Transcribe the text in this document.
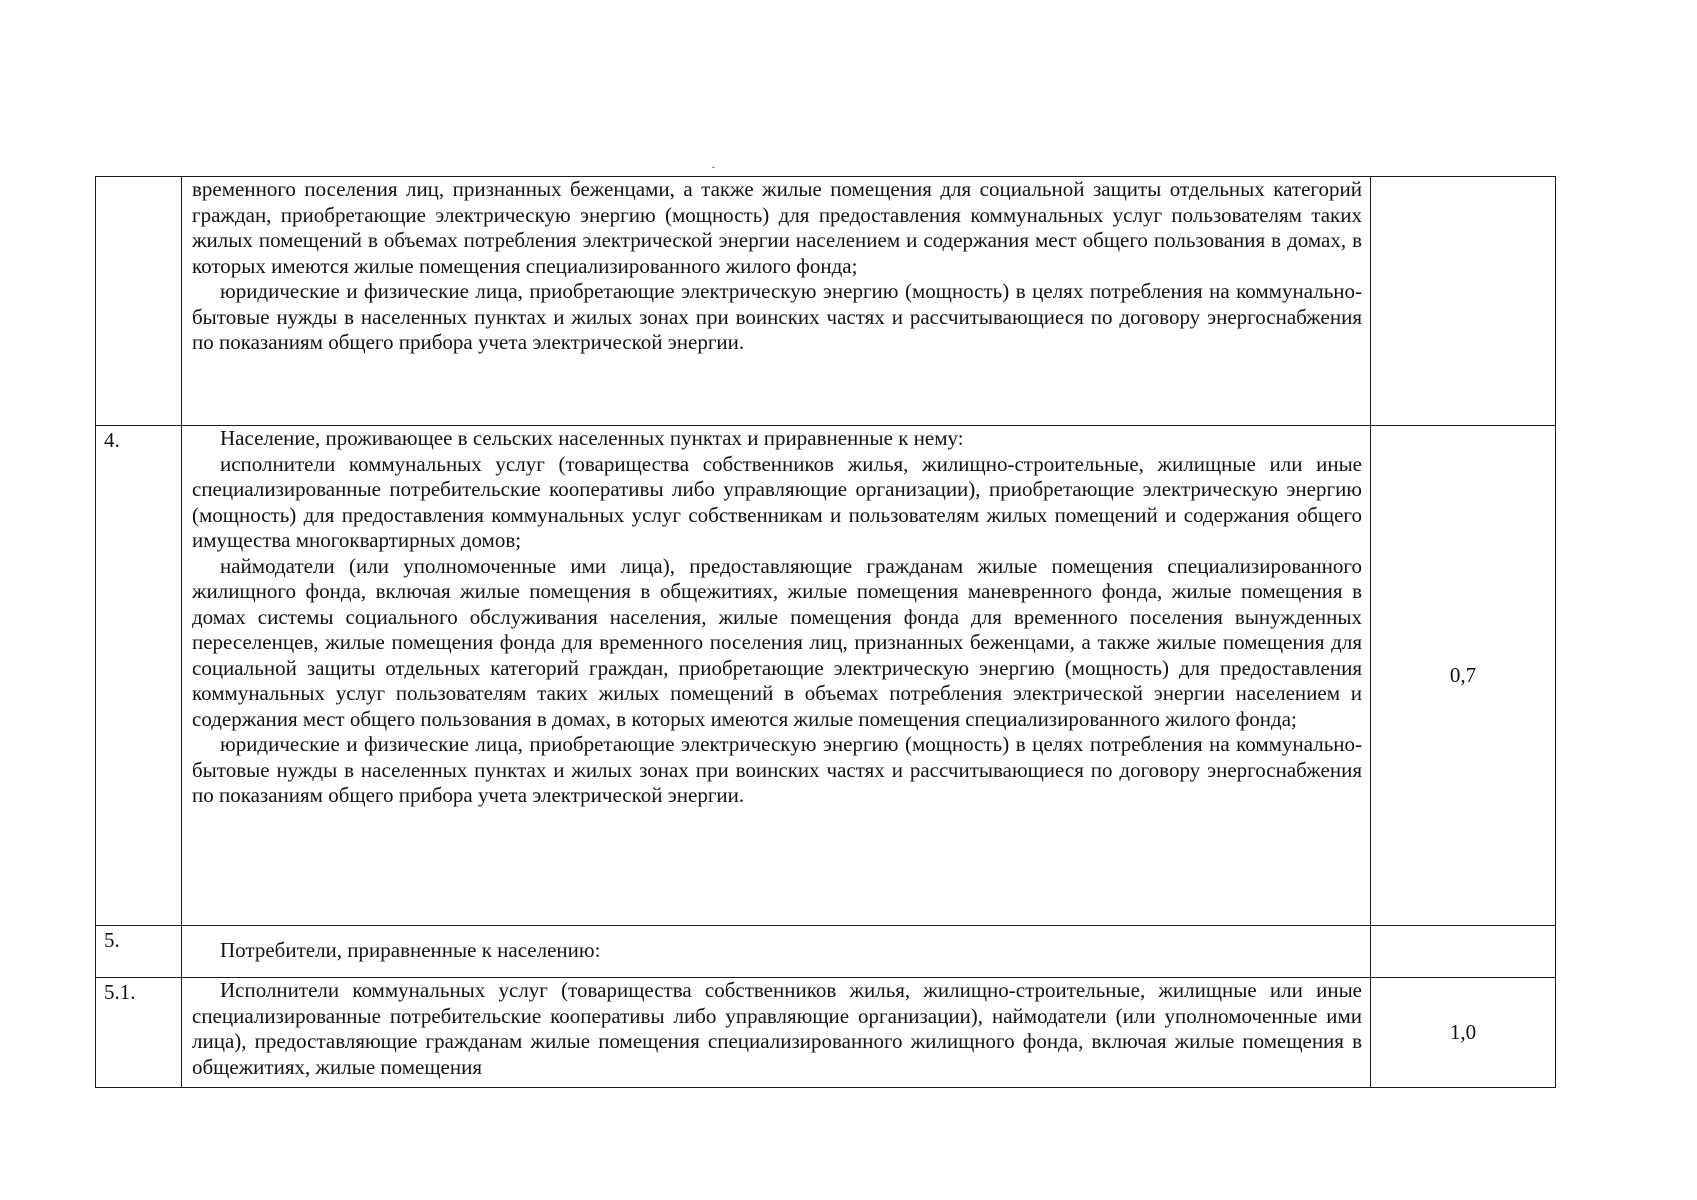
	временного поселения лиц, признанных беженцами, а также жилые помещения для социальной защиты отдельных категорий граждан, приобретающие электрическую энергию (мощность) для предоставления коммунальных услуг пользователям таких жилых помещений в объемах потребления электрической энергии населением и содержания мест общего пользования в домах, в которых имеются жилые помещения специализированного жилого фонда;

юридические и физические лица, приобретающие электрическую энергию (мощность) в целях потребления на коммунально-бытовые нужды в населенных пунктах и жилых зонах при воинских частях и рассчитывающиеся по договору энергоснабжения по показаниям общего прибора учета электрической энергии.	

4.	Население, проживающее в сельских населенных пунктах и приравненные к нему:

исполнители коммунальных услуг (товарищества собственников жилья, жилищно-строительные, жилищные или иные специализированные потребительские кооперативы либо управляющие организации), приобретающие электрическую энергию (мощность) для предоставления коммунальных услуг собственникам и пользователям жилых помещений и содержания общего имущества многоквартирных домов;

наймодатели (или уполномоченные ими лица), предоставляющие гражданам жилые помещения специализированного жилищного фонда, включая жилые помещения в общежитиях, жилые помещения маневренного фонда, жилые помещения в домах системы социального обслуживания населения, жилые помещения фонда для временного поселения вынужденных переселенцев, жилые помещения фонда для временного поселения лиц, признанных беженцами, а также жилые помещения для социальной защиты отдельных категорий граждан, приобретающие электрическую энергию (мощность) для предоставления коммунальных услуг пользователям таких жилых помещений в объемах потребления электрической энергии населением и содержания мест общего пользования в домах, в которых имеются жилые помещения специализированного жилого фонда;

юридические и физические лица, приобретающие электрическую энергию (мощность) в целях потребления на коммунально-бытовые нужды в населенных пунктах и жилых зонах при воинских частях и рассчитывающиеся по договору энергоснабжения по показаниям общего прибора учета электрической энергии.	0,7
5.	Потребители, приравненные к населению:	

5.1.	Исполнители коммунальных услуг (товарищества собственников жилья, жилищно-строительные, жилищные или иные специализированные потребительские кооперативы либо управляющие организации), наймодатели (или уполномоченные ими лица), предоставляющие гражданам жилые помещения специализированного жилищного фонда, включая жилые помещения в общежитиях, жилые помещения	1,0
